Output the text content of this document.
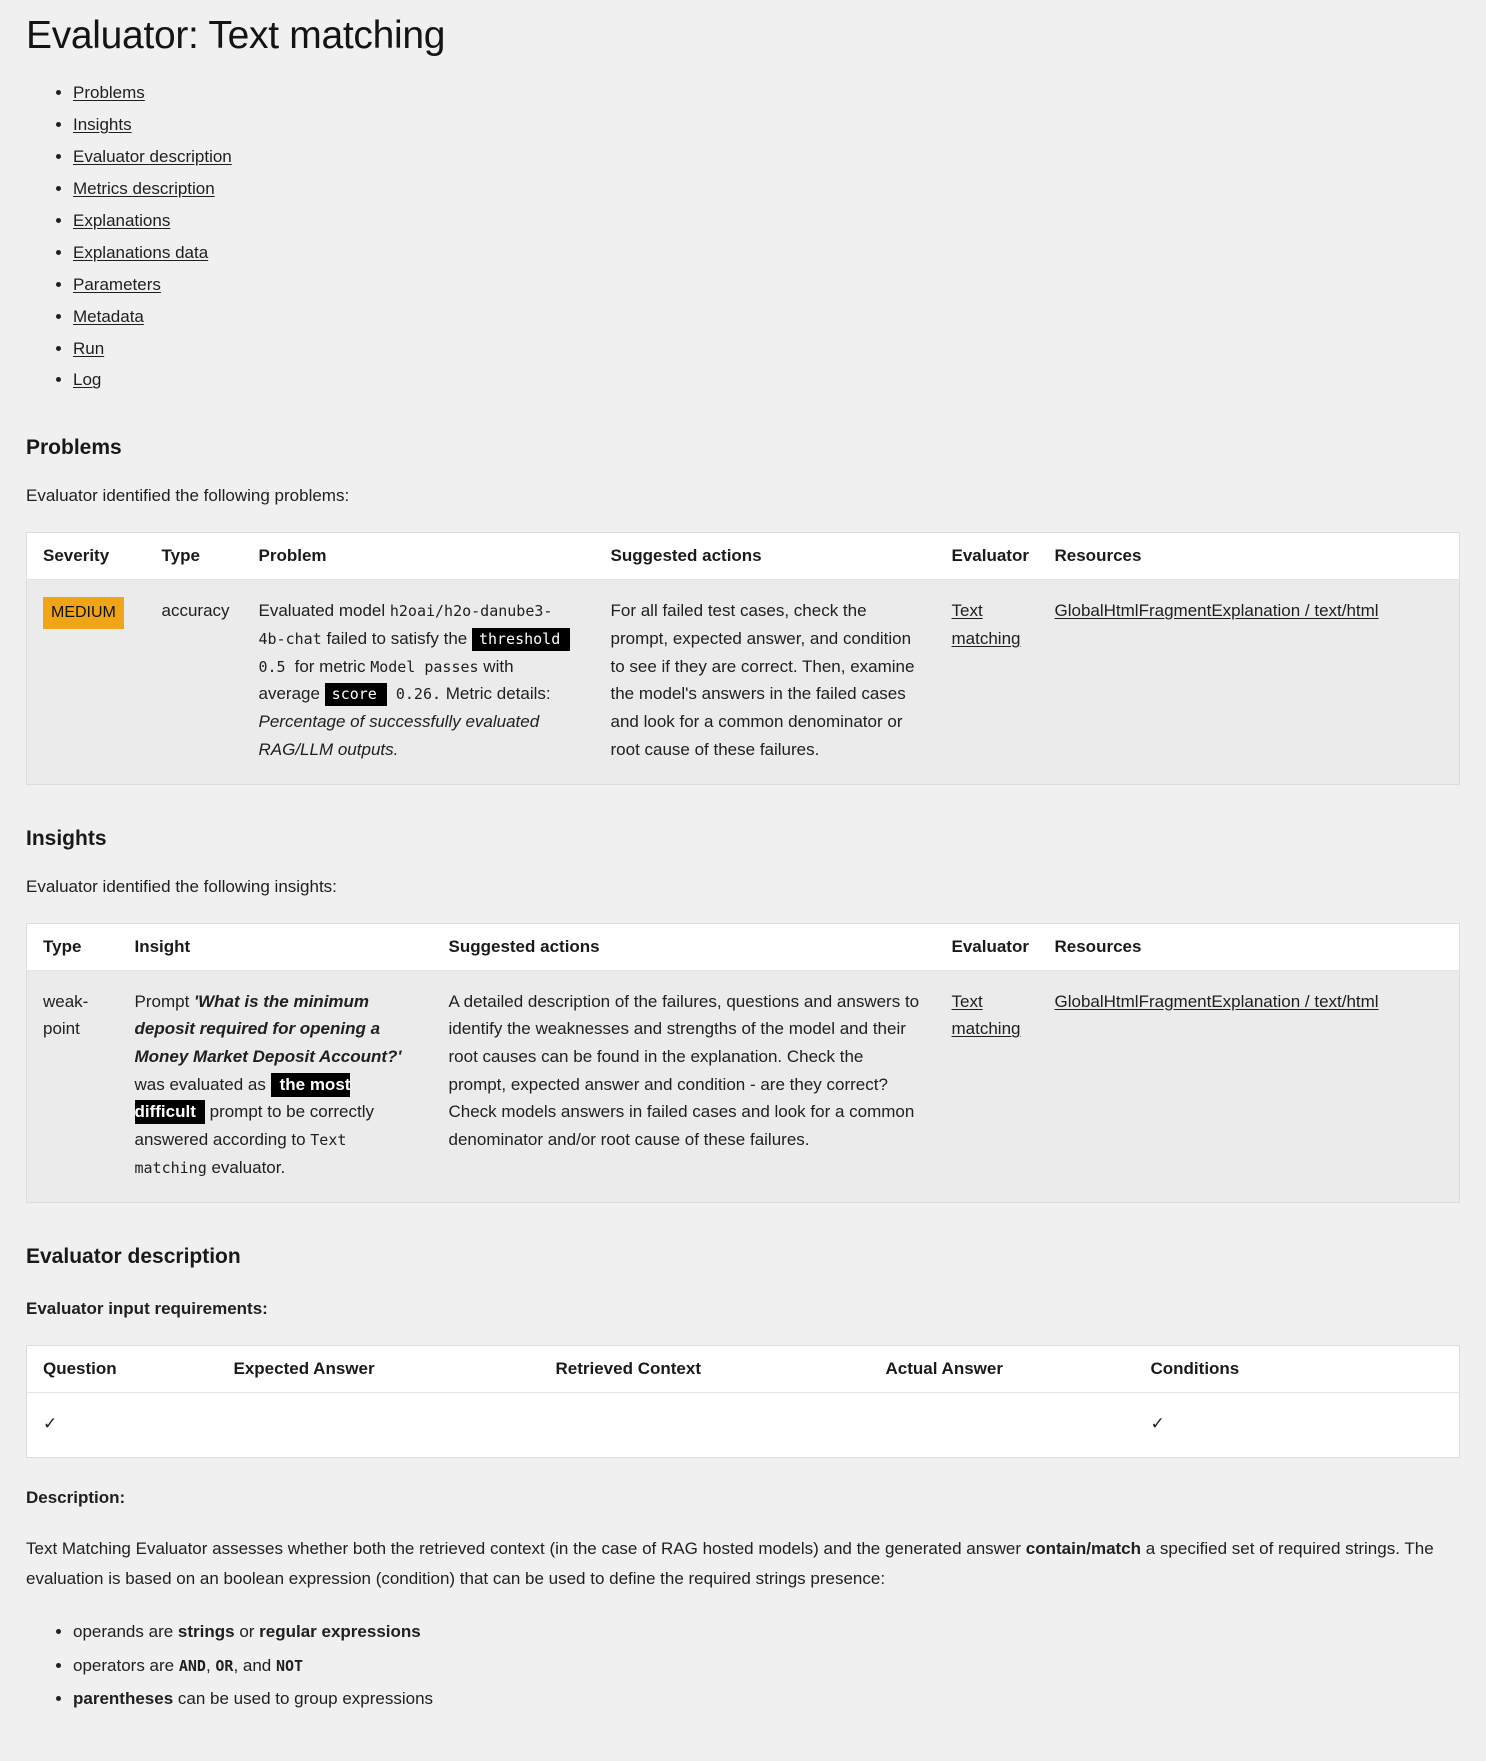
Evaluator: Text matching
• Problems
• Insights
• Evaluator description
• Metrics description
• Explanations
• Explanations data
• Parameters
• Metadata
• Run
• Log
Problems

Evaluator identified the following problems:

Severity	Type	Problem	Suggested actions	Evaluator	Resources
MEDIUM	accuracy	Evaluated model h2oai/h2o-danube3-4b-chat failed to satisfy the threshold 0.5 for metric Model passes with average score 0.26. Metric details: Percentage of successfully evaluated RAG/LLM outputs.	For all failed test cases, check the prompt, expected answer, and condition to see if they are correct. Then, examine the model's answers in the failed cases and look for a common denominator or root cause of these failures.	Text matching	GlobalHtmlFragmentExplanation / text/html
Insights

Evaluator identified the following insights:

Type	Insight	Suggested actions	Evaluator	Resources
weak-point	Prompt 'What is the minimum deposit required for opening a Money Market Deposit Account?' was evaluated as the most difficult prompt to be correctly answered according to Text matching evaluator.	A detailed description of the failures, questions and answers to identify the weaknesses and strengths of the model and their root causes can be found in the explanation. Check the prompt, expected answer and condition - are they correct? Check models answers in failed cases and look for a common denominator and/or root cause of these failures.	Text matching	GlobalHtmlFragmentExplanation / text/html
Evaluator description

Evaluator input requirements:

Question	Expected Answer	Retrieved Context	Actual Answer	Conditions
✓				✓

Description:

Text Matching Evaluator assesses whether both the retrieved context (in the case of RAG hosted models) and the generated answer contain/match a specified set of required strings. The evaluation is based on an boolean expression (condition) that can be used to define the required strings presence:

• operands are strings or regular expressions
• operators are AND, OR, and NOT
• parentheses can be used to group expressions
